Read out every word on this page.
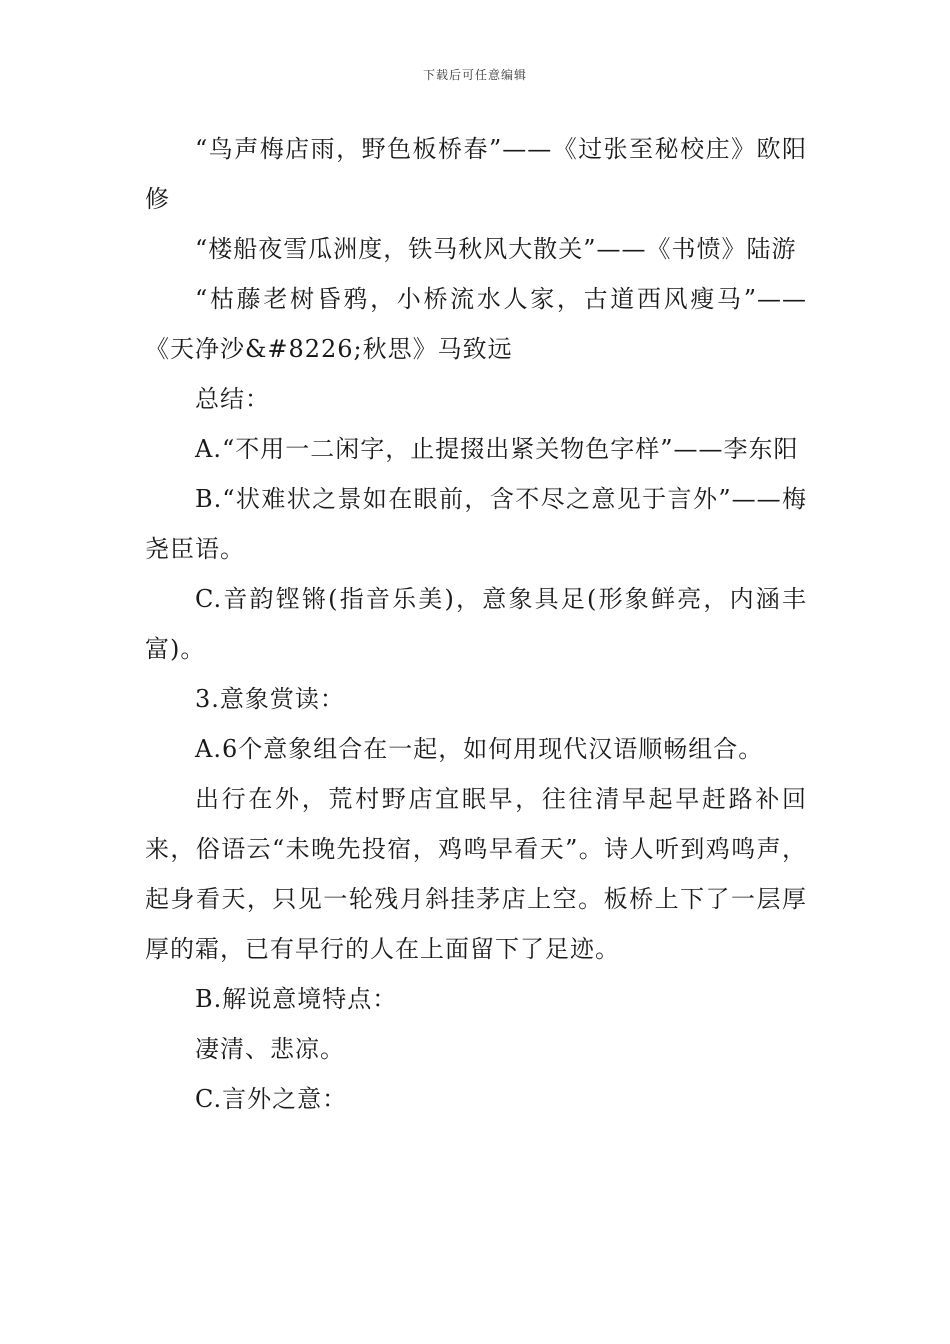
下载后可任意编辑

“鸟声梅店雨，野色板桥春”——《过张至秘校庄》欧阳修

“楼船夜雪瓜洲度，铁马秋风大散关”——《书愤》陆游

“枯藤老树昏鸦，小桥流水人家，古道西风瘦马”——《天净沙&#8226;秋思》马致远

总结：

A.“不用一二闲字，止提掇出紧关物色字样”——李东阳

B.“状难状之景如在眼前，含不尽之意见于言外”——梅尧臣语。

C.音韵铿锵(指音乐美)，意象具足(形象鲜亮，内涵丰富)。

3.意象赏读：

A.6个意象组合在一起，如何用现代汉语顺畅组合。

出行在外，荒村野店宜眠早，往往清早起早赶路补回来，俗语云“未晚先投宿，鸡鸣早看天”。诗人听到鸡鸣声，起身看天，只见一轮残月斜挂茅店上空。板桥上下了一层厚厚的霜，已有早行的人在上面留下了足迹。

B.解说意境特点：

凄清、悲凉。

C.言外之意：
